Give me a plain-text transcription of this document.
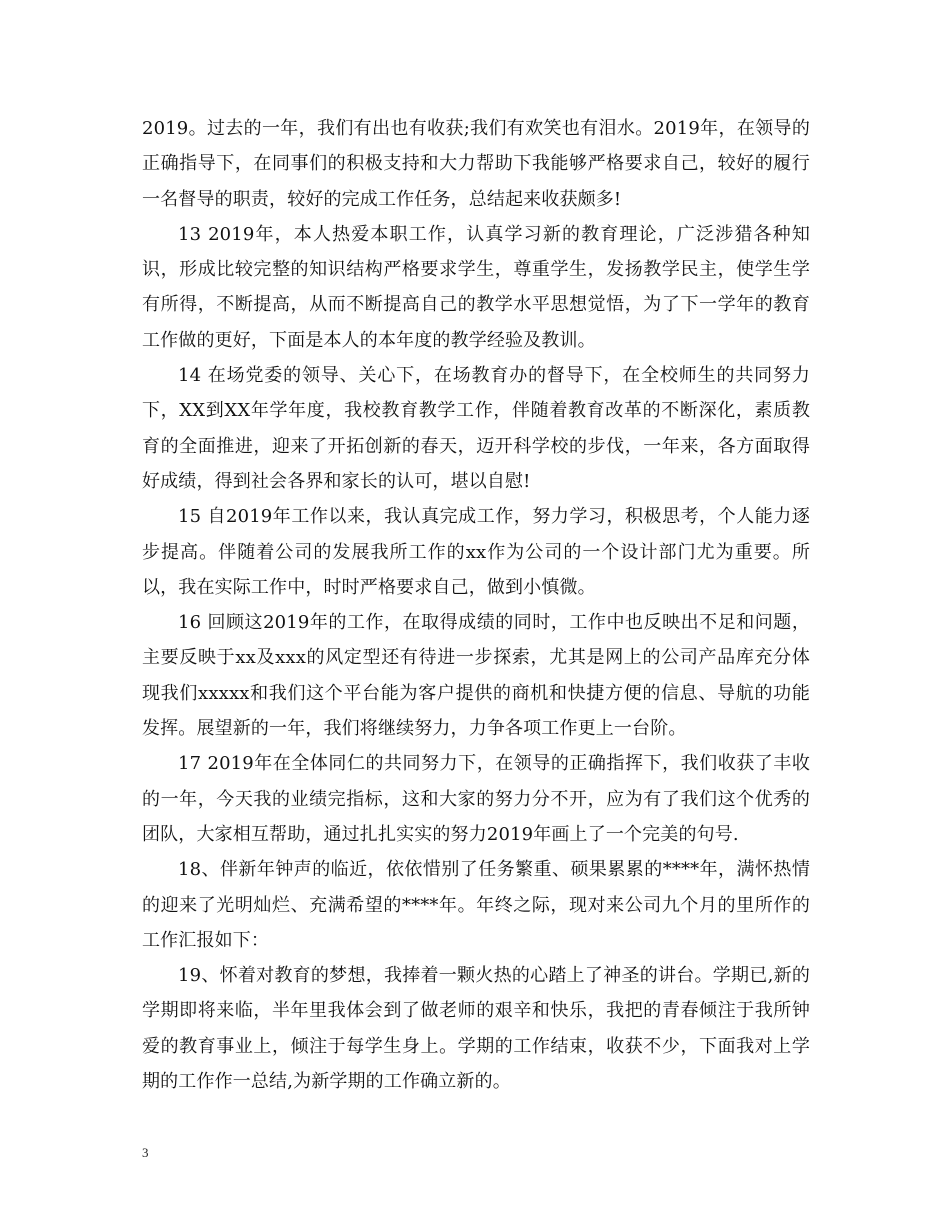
2019。过去的一年，我们有出也有收获;我们有欢笑也有泪水。2019年，在领导的正确指导下，在同事们的积极支持和大力帮助下我能够严格要求自己，较好的履行一名督导的职责，较好的完成工作任务，总结起来收获颇多!

13 2019年，本人热爱本职工作，认真学习新的教育理论，广泛涉猎各种知识，形成比较完整的知识结构严格要求学生，尊重学生，发扬教学民主，使学生学有所得，不断提高，从而不断提高自己的教学水平思想觉悟，为了下一学年的教育工作做的更好，下面是本人的本年度的教学经验及教训。

14 在场党委的领导、关心下，在场教育办的督导下，在全校师生的共同努力下，XX到XX年学年度，我校教育教学工作，伴随着教育改革的不断深化，素质教育的全面推进，迎来了开拓创新的春天，迈开科学校的步伐，一年来，各方面取得好成绩，得到社会各界和家长的认可，堪以自慰!

15 自2019年工作以来，我认真完成工作，努力学习，积极思考，个人能力逐步提高。伴随着公司的发展我所工作的xx作为公司的一个设计部门尤为重要。所以，我在实际工作中，时时严格要求自己，做到小慎微。

16 回顾这2019年的工作，在取得成绩的同时，工作中也反映出不足和问题，主要反映于xx及xxx的风定型还有待进一步探索，尤其是网上的公司产品库充分体现我们xxxxx和我们这个平台能为客户提供的商机和快捷方便的信息、导航的功能发挥。展望新的一年，我们将继续努力，力争各项工作更上一台阶。

17 2019年在全体同仁的共同努力下，在领导的正确指挥下，我们收获了丰收的一年，今天我的业绩完指标，这和大家的努力分不开，应为有了我们这个优秀的团队，大家相互帮助，通过扎扎实实的努力2019年画上了一个完美的句号.

18、伴新年钟声的临近，依依惜别了任务繁重、硕果累累的****年，满怀热情的迎来了光明灿烂、充满希望的****年。年终之际，现对来公司九个月的里所作的工作汇报如下：

19、怀着对教育的梦想，我捧着一颗火热的心踏上了神圣的讲台。学期已,新的学期即将来临，半年里我体会到了做老师的艰辛和快乐，我把的青春倾注于我所钟爱的教育事业上，倾注于每学生身上。学期的工作结束，收获不少，下面我对上学期的工作作一总结,为新学期的工作确立新的。

3
